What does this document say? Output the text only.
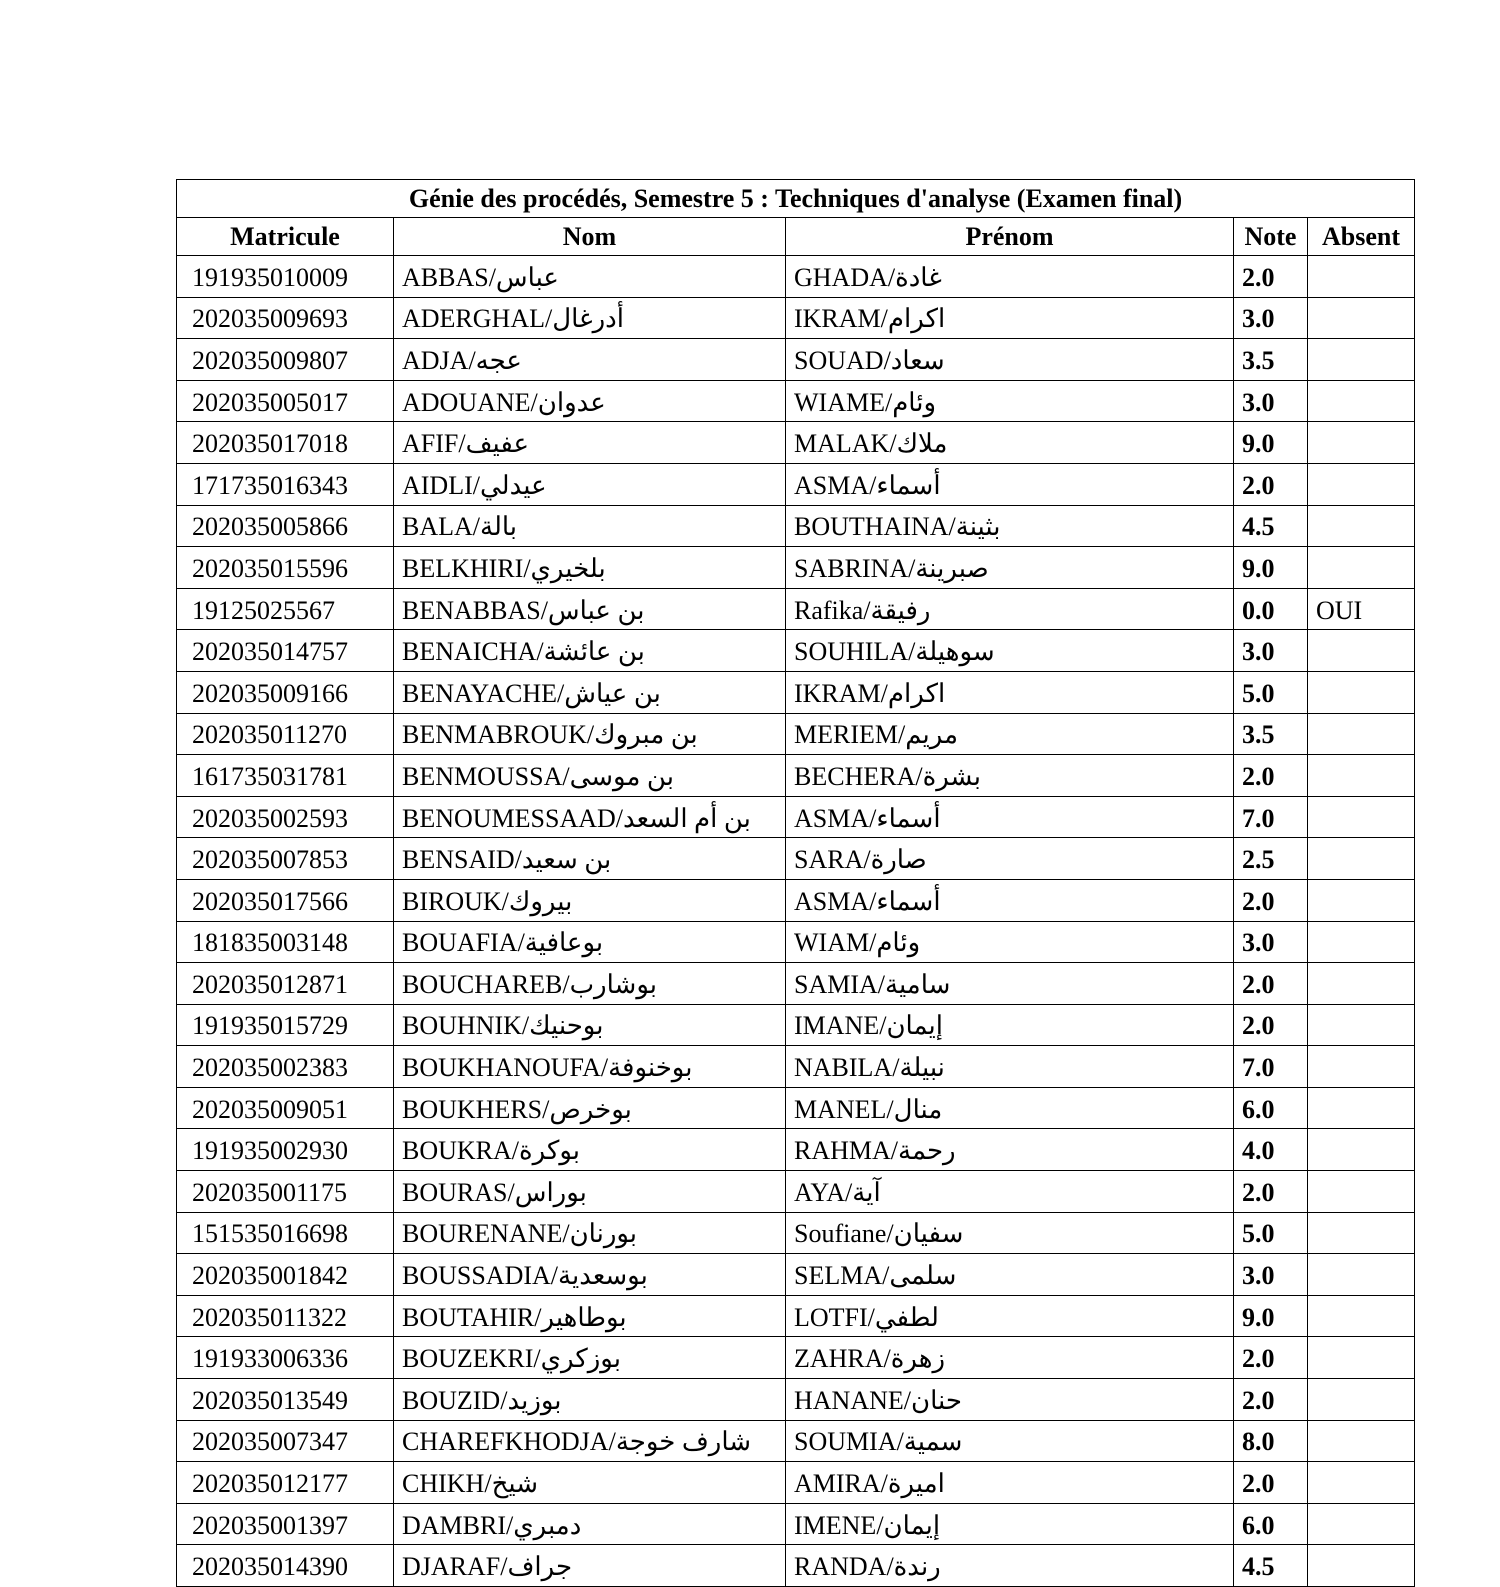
Génie des procédés, Semestre 5 : Techniques d'analyse (Examen final)				
Matricule	Nom	Prénom	Note	Absent
191935010009	ABBAS/عباس	GHADA/غادة	2.0	
202035009693	ADERGHAL/أدرغال	IKRAM/اكرام	3.0	
202035009807	ADJA/عجه	SOUAD/سعاد	3.5	
202035005017	ADOUANE/عدوان	WIAME/وئام	3.0	
202035017018	AFIF/عفيف	MALAK/ملاك	9.0	
171735016343	AIDLI/عيدلي	ASMA/أسماء	2.0	
202035005866	BALA/بالة	BOUTHAINA/بثينة	4.5	
202035015596	BELKHIRI/بلخيري	SABRINA/صبرينة	9.0	
19125025567	BENABBAS/بن عباس	Rafika/رفيقة	0.0	OUI
202035014757	BENAICHA/بن عائشة	SOUHILA/سوهيلة	3.0	
202035009166	BENAYACHE/بن عياش	IKRAM/اكرام	5.0	
202035011270	BENMABROUK/بن مبروك	MERIEM/مريم	3.5	
161735031781	BENMOUSSA/بن موسى	BECHERA/بشرة	2.0	
202035002593	BENOUMESSAAD/بن أم السعد	ASMA/أسماء	7.0	
202035007853	BENSAID/بن سعيد	SARA/صارة	2.5	
202035017566	BIROUK/بيروك	ASMA/أسماء	2.0	
181835003148	BOUAFIA/بوعافية	WIAM/وئام	3.0	
202035012871	BOUCHAREB/بوشارب	SAMIA/سامية	2.0	
191935015729	BOUHNIK/بوحنيك	IMANE/إيمان	2.0	
202035002383	BOUKHANOUFA/بوخنوفة	NABILA/نبيلة	7.0	
202035009051	BOUKHERS/بوخرص	MANEL/منال	6.0	
191935002930	BOUKRA/بوكرة	RAHMA/رحمة	4.0	
202035001175	BOURAS/بوراس	AYA/آية	2.0	
151535016698	BOURENANE/بورنان	Soufiane/سفيان	5.0	
202035001842	BOUSSADIA/بوسعدية	SELMA/سلمى	3.0	
202035011322	BOUTAHIR/بوطاهير	LOTFI/لطفي	9.0	
191933006336	BOUZEKRI/بوزكري	ZAHRA/زهرة	2.0	
202035013549	BOUZID/بوزيد	HANANE/حنان	2.0	
202035007347	CHAREFKHODJA/شارف خوجة	SOUMIA/سمية	8.0	
202035012177	CHIKH/شيخ	AMIRA/اميرة	2.0	
202035001397	DAMBRI/دمبري	IMENE/إيمان	6.0	
202035014390	DJARAF/جراف	RANDA/رندة	4.5	
